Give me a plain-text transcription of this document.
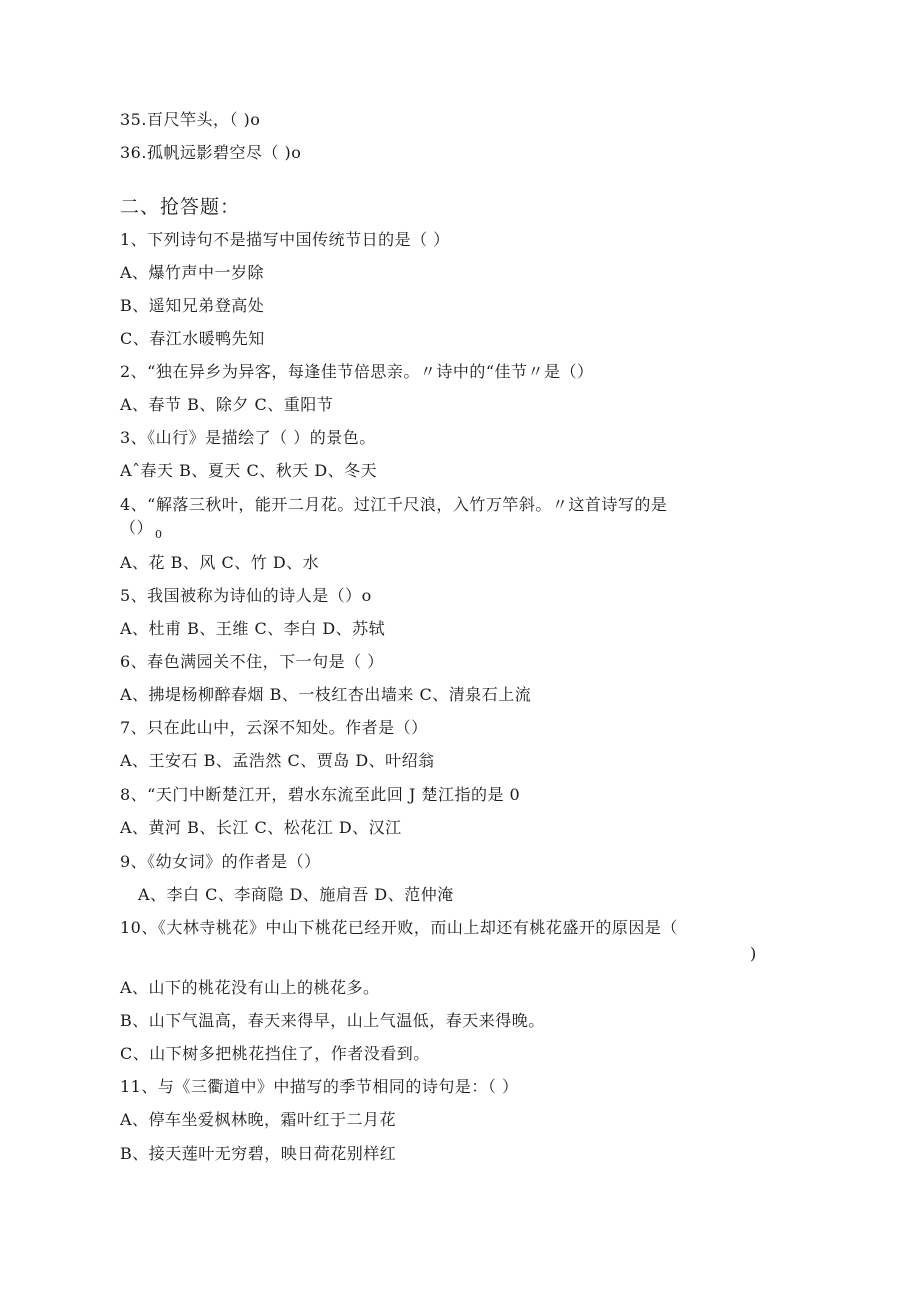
35.百尺竿头，（ )o
36.孤帆远影碧空尽（ )o
二、抢答题：
1、下列诗句不是描写中国传统节日的是（ ）
A、爆竹声中一岁除
B、遥知兄弟登高处
C、春江水暖鸭先知
2、“独在异乡为异客，每逢佳节倍思亲。〃诗中的“佳节〃是（）
A、春节 B、除夕 C、重阳节
3、《山行》是描绘了（ ）的景色。
Aˆ春天 B、夏天 C、秋天 D、冬天
4、“解落三秋叶，能开二月花。过江千尺浪，入竹万竿斜。〃这首诗写的是
（） $_0$
A、花 B、风 C、竹 D、水
5、我国被称为诗仙的诗人是（）o
A、杜甫 B、王维 C、李白 D、苏轼
6、春色满园关不住，下一句是（ ）
A、拂堤杨柳醉春烟 B、一枝红杏出墙来 C、清泉石上流
7、只在此山中，云深不知处。作者是（）
A、王安石 B、孟浩然 C、贾岛 D、叶绍翁
8、“天门中断楚江开，碧水东流至此回 J 楚江指的是 0
A、黄河 B、长江 C、松花江 D、汉江
9、《幼女词》的作者是（）
A、李白 C、李商隐 D、施肩吾 D、范仲淹
10、《大林寺桃花》中山下桃花已经开败，而山上却还有桃花盛开的原因是（
)
A、山下的桃花没有山上的桃花多。
B、山下气温高，春天来得早，山上气温低，春天来得晚。
C、山下树多把桃花挡住了，作者没看到。
11、与《三衢道中》中描写的季节相同的诗句是：（ ）
A、停车坐爱枫林晚，霜叶红于二月花
B、接天莲叶无穷碧，映日荷花别样红
